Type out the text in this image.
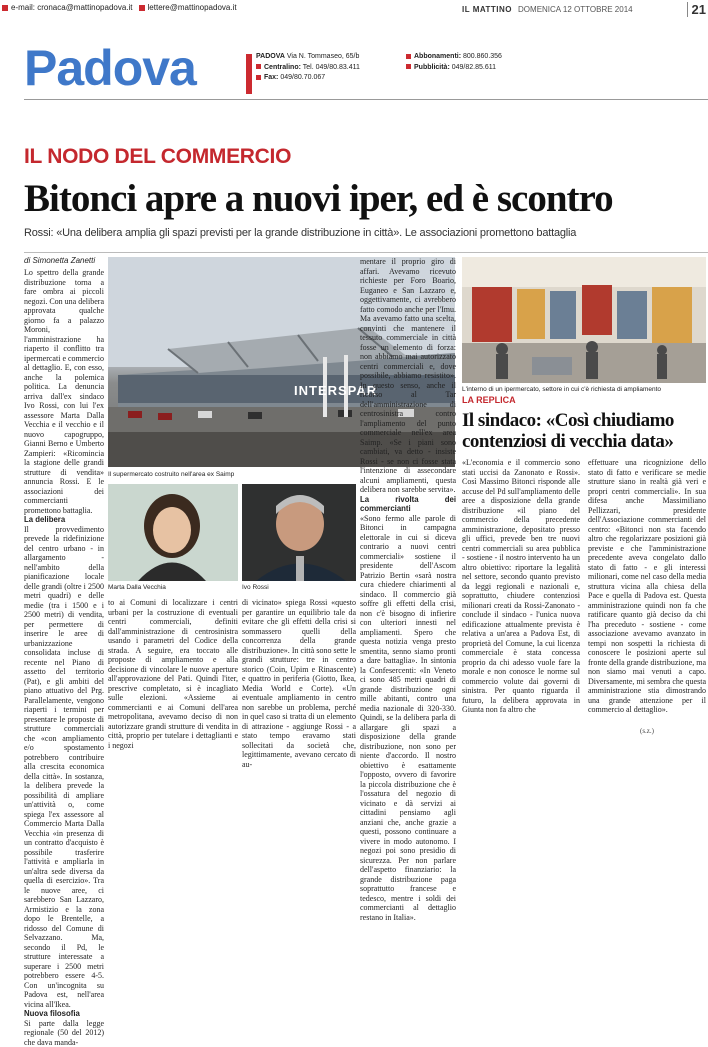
e-mail: cronaca@mattinopadova.it	lettere@mattinopadova.it	IL MATTINO DOMENICA 12 OTTOBRE 2014	21
Padova	PADOVA Via N. Tommaseo, 65/b
Centralino: Tel. 049/80.83.411
Fax: 049/80.70.067
Abbonamenti: 800.860.356
Pubblicità: 049/82.85.611
IL NODO DEL COMMERCIO
Bitonci apre a nuovi iper, ed è scontro
Rossi: «Una delibera amplia gli spazi previsti per la grande distribuzione in città». Le associazioni promettono battaglia
INTERSPAR
Il supermercato costruito nell'area ex Saimp
L'interno di un ipermercato, settore in cui c'è richiesta di ampliamento
Marta Dalla Vecchia	Ivo Rossi
di Simonetta Zanetti

Lo spettro della grande distribuzione torna a fare ombra ai piccoli negozi. Con una delibera approvata qualche giorno fa a palazzo Moroni, l'amministrazione ha riaperto il conflitto tra ipermercati e commercio al dettaglio. E, con esso, anche la polemica politica. La denuncia arriva dall'ex sindaco Ivo Rossi, con lui l'ex assessore Marta Dalla Vecchia e il vecchio e il nuovo capogruppo, Gianni Berno e Umberto Zampieri: «Ricomincia la stagione delle grandi strutture di vendita» annuncia Rossi. E le associazioni dei commercianti promettono battaglia.

La delibera

Il provvedimento prevede la ridefinizione del centro urbano - in allargamento - nell'ambito della pianificazione locale delle grandi (oltre i 2500 metri quadri) e delle medie (tra i 1500 e i 2500 metri) di vendita, per permettere di inserire le aree di urbanizzazione consolidata incluse di recente nel Piano di assetto del territorio (Pat), e gli ambiti del piano attuativo del Prg. Parallelamente, vengono riaperti i termini per presentare le proposte di strutture commerciali che «con ampliamento e/o spostamento potrebbero contribuire alla crescita economica della città». In sostanza, la delibera prevede la possibilità di ampliare un'attività o, come spiega l'ex assessore al Commercio Marta Dalla Vecchia «in presenza di un contratto d'acquisto è possibile trasferire l'attività e ampliarla in un'altra sede diversa da quella di esercizio». Tra le nuove aree, ci sarebbero San Lazzaro, Armistizio e la zona dopo le Brentelle, a ridosso del Comune di Selvazzano. Ma, secondo il Pd, le strutture interessate a superare i 2500 metri potrebbero essere 4-5. Con un'incognita su Padova est, nell'area vicina all'Ikea.

Nuova filosofia

Si parte dalla legge regionale (50 del 2012) che dava manda-

to ai Comuni di localizzare i centri urbani per la costruzione di eventuali centri commerciali, definiti dall'amministrazione di centrosinistra usando i parametri del Codice della strada. A seguire, era toccato alle proposte di ampliamento e alla decisione di vincolare le nuove aperture all'approvazione del Pati. Quindi l'iter, prescrive completato, si è incagliato sulle elezioni. «Assieme ai commercianti e ai Comuni dell'area metropolitana, avevamo deciso di non autorizzare grandi strutture di vendita in città, proprio per tutelare i dettaglianti e i negozi

di vicinato» spiega Rossi «questo per garantire un equilibrio tale da evitare che gli effetti della crisi si sommassero quelli della concorrenza della grande distribuzione». In città sono sette le grandi strutture: tre in centro storico (Coin, Upim e Rinascente) e quattro in periferia (Giotto, Ikea, Media World e Corte). «Un eventuale ampliamento in centro non sarebbe un problema, perché in quel caso si tratta di un elemento di attrazione - aggiunge Rossi - a stato tempo eravamo stati sollecitati da società che, legittimamente, avevano cercato di au-

mentare il proprio giro di affari. Avevamo ricevuto richieste per Foro Boario, Euganeo e San Lazzaro e, oggettivamente, ci avrebbero fatto comodo anche per l'Imu. Ma avevamo fatto una scelta, convinti che mantenere il tessuto commerciale in città fosse un elemento di forza: non abbiamo mai autorizzato centri commerciali e, dove possibile, abbiamo resistito». In questo senso, anche il ricorso al Tar dell'amministrazione di centrosinistra contro l'ampliamento del punto commerciale nell'ex area Saimp. «Se i piani sono cambiati, va detto - insiste Rossi - se non ci fosse stata l'intenzione di assecondare alcuni ampliamenti, questa delibera non sarebbe servita».

La rivolta dei commercianti

«Sono fermo alle parole di Bitonci in campagna elettorale in cui si diceva contrario a nuovi centri commerciali» sostiene il presidente dell'Ascom Patrizio Bertin «sarà nostra cura chiedere chiarimenti al sindaco. Il commercio già soffre gli effetti della crisi, non c'è bisogno di infierire con ulteriori innesti nel ampliamenti. Spero che questa notizia venga presto smentita, senno siamo pronti a dare battaglia». In sintonia la Confesercenti: «In Veneto ci sono 485 metri quadri di grande distribuzione ogni mille abitanti, contro una media nazionale di 320-330. Quindi, se la delibera parla di allargare gli spazi a disposizione della grande distribuzione, non sono per niente d'accordo. Il nostro obiettivo è esattamente l'opposto, ovvero di favorire la piccola distribuzione che è l'ossatura del negozio di vicinato e dà servizi ai cittadini pensiamo agli anziani che, anche grazie a questi, possono continuare a vivere in modo autonomo. I negozi poi sono presidio di sicurezza. Per non parlare dell'aspetto finanziario: la grande distribuzione paga soprattutto francese e tedesco, mentre i soldi dei commercianti al dettaglio restano in Italia».

LA REPLICA
Il sindaco: «Così chiudiamo contenziosi di vecchia data»

«L'economia e il commercio sono stati uccisi da Zanonato e Rossi». Così Massimo Bitonci risponde alle accuse del Pd sull'ampliamento delle aree a disposizione della grande distribuzione «il piano del commercio della precedente amministrazione, depositato presso gli uffici, prevede ben tre nuovi centri commerciali su area pubblica - sostiene - il nostro intervento ha un altro obiettivo: riportare la legalità nel settore, secondo quanto previsto da leggi regionali e nazionali e, soprattutto, chiudere contenziosi milionari creati da Rossi-Zanonato - conclude il sindaco - l'unica nuova edificazione attualmente prevista è relativa a un'area a Padova Est, di proprietà del Comune, la cui licenza commerciale è stata concessa proprio da chi adesso vuole fare la morale e non conosce le norme sul commercio volute dai governi di sinistra. Per quanto riguarda il futuro, la delibera approvata in Giunta non fa altro che

effettuare una ricognizione dello stato di fatto e verificare se medie strutture siano in realtà già veri e propri centri commerciali». In sua difesa anche Massimiliano Pellizzari, presidente dell'Associazione commercianti del centro: «Bitonci non sta facendo altro che regolarizzare posizioni già previste e che l'amministrazione precedente aveva congelato dallo stato di fatto - e gli interessi milionari, come nel caso della media struttura vicina alla chiesa della Pace e quella di Padova est. Questa amministrazione quindi non fa che ratificare quanto già deciso da chi l'ha preceduto - sostiene - come associazione avevamo avanzato in tempi non sospetti la richiesta di conoscere le posizioni aperte sul fronte della grande distribuzione, ma non siamo mai venuti a capo. Diversamente, mi sembra che questa amministrazione stia dimostrando una grande attenzione per il commercio al dettaglio».

(s.z.)
